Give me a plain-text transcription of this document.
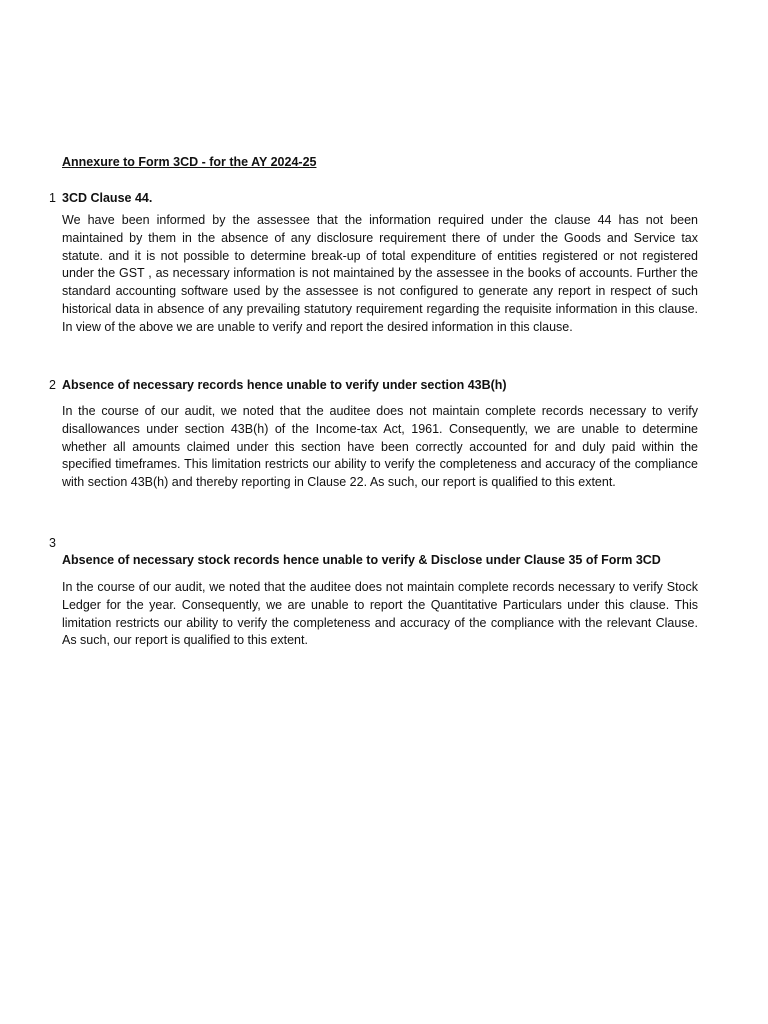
Annexure to Form 3CD - for the AY 2024-25
1 3CD Clause 44.

We have been informed by the assessee that the information required under the clause 44 has not been maintained by them in the absence of any disclosure requirement there of under the Goods and Service tax statute. and it is not possible to determine break-up of total expenditure of entities registered or not registered under the GST , as necessary information is not maintained by the assessee in the books of accounts. Further the standard accounting software used by the assessee is not configured to generate any report in respect of such historical data in absence of any prevailing statutory requirement regarding the requisite information in this clause. In view of the above we are unable to verify and report the desired information in this clause.

2 Absence of necessary records hence unable to verify under section 43B(h)

In the course of our audit, we noted that the auditee does not maintain complete records necessary to verify disallowances under section 43B(h) of the Income-tax Act, 1961. Consequently, we are unable to determine whether all amounts claimed under this section have been correctly accounted for and duly paid within the specified timeframes. This limitation restricts our ability to verify the completeness and accuracy of the compliance with section 43B(h) and thereby reporting in Clause 22. As such, our report is qualified to this extent.

3
Absence of necessary stock records hence unable to verify & Disclose under Clause 35 of Form 3CD

In the course of our audit, we noted that the auditee does not maintain complete records necessary to verify Stock Ledger for the year. Consequently, we are unable to report the Quantitative Particulars under this clause. This limitation restricts our ability to verify the completeness and accuracy of the compliance with the relevant Clause. As such, our report is qualified to this extent.
